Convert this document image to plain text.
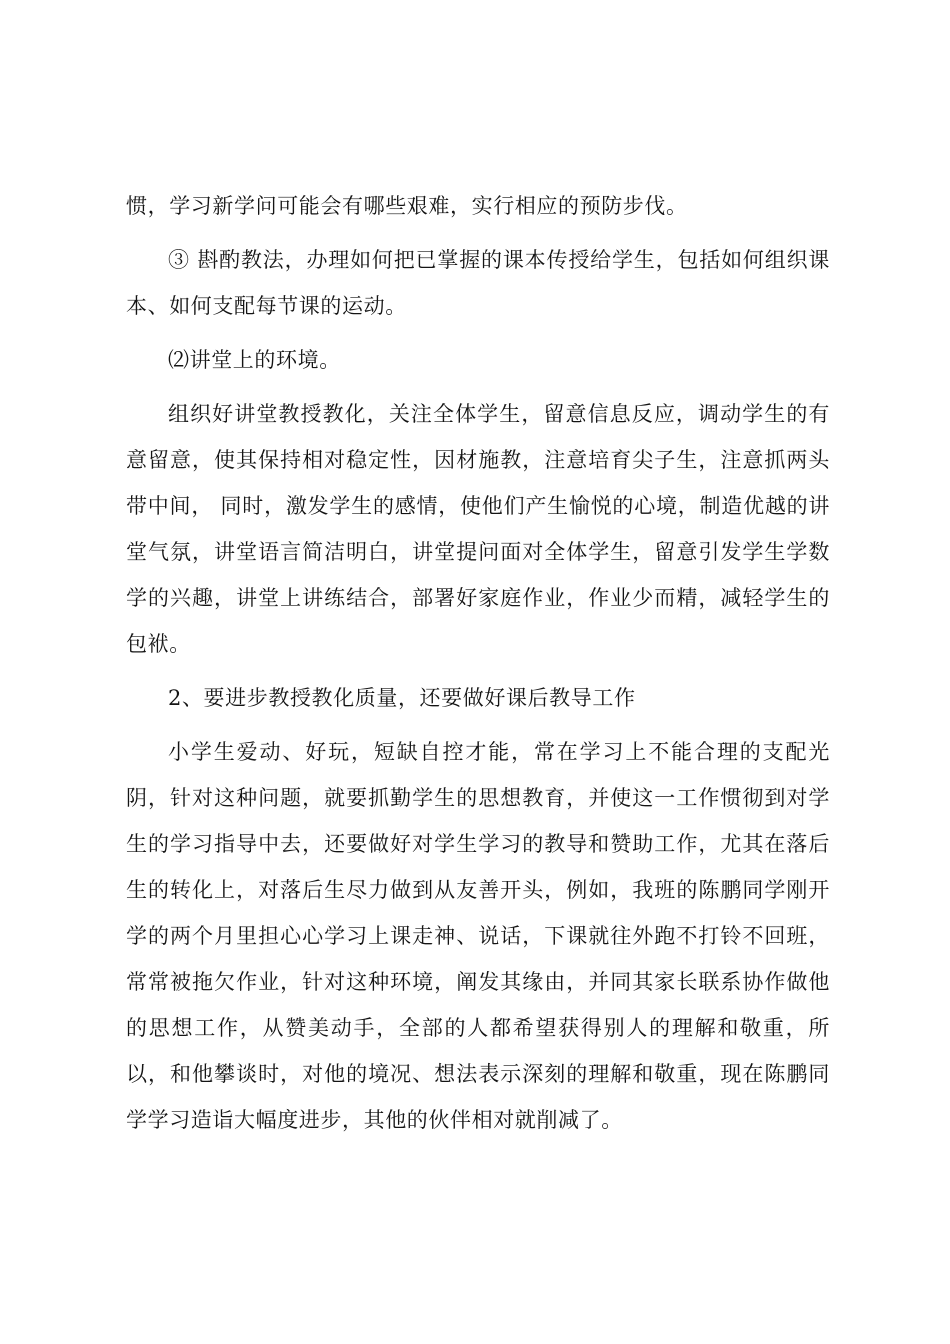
惯，学习新学问可能会有哪些艰难，实行相应的预防步伐。

③ 斟酌教法，办理如何把已掌握的课本传授给学生，包括如何组织课本、如何支配每节课的运动。

⑵讲堂上的环境。

组织好讲堂教授教化，关注全体学生，留意信息反应，调动学生的有意留意，使其保持相对稳定性，因材施教，注意培育尖子生，注意抓两头带中间， 同时，激发学生的感情，使他们产生愉悦的心境，制造优越的讲堂气氛，讲堂语言简洁明白，讲堂提问面对全体学生，留意引发学生学数学的兴趣，讲堂上讲练结合，部署好家庭作业，作业少而精，减轻学生的包袱。

2、要进步教授教化质量，还要做好课后教导工作

小学生爱动、好玩，短缺自控才能，常在学习上不能合理的支配光阴，针对这种问题，就要抓勤学生的思想教育，并使这一工作惯彻到对学生的学习指导中去，还要做好对学生学习的教导和赞助工作，尤其在落后生的转化上，对落后生尽力做到从友善开头，例如，我班的陈鹏同学刚开学的两个月里担心心学习上课走神、说话，下课就往外跑不打铃不回班，常常被拖欠作业，针对这种环境，阐发其缘由，并同其家长联系协作做他的思想工作，从赞美动手，全部的人都希望获得别人的理解和敬重，所以，和他攀谈时，对他的境况、想法表示深刻的理解和敬重，现在陈鹏同学学习造诣大幅度进步，其他的伙伴相对就削减了。
